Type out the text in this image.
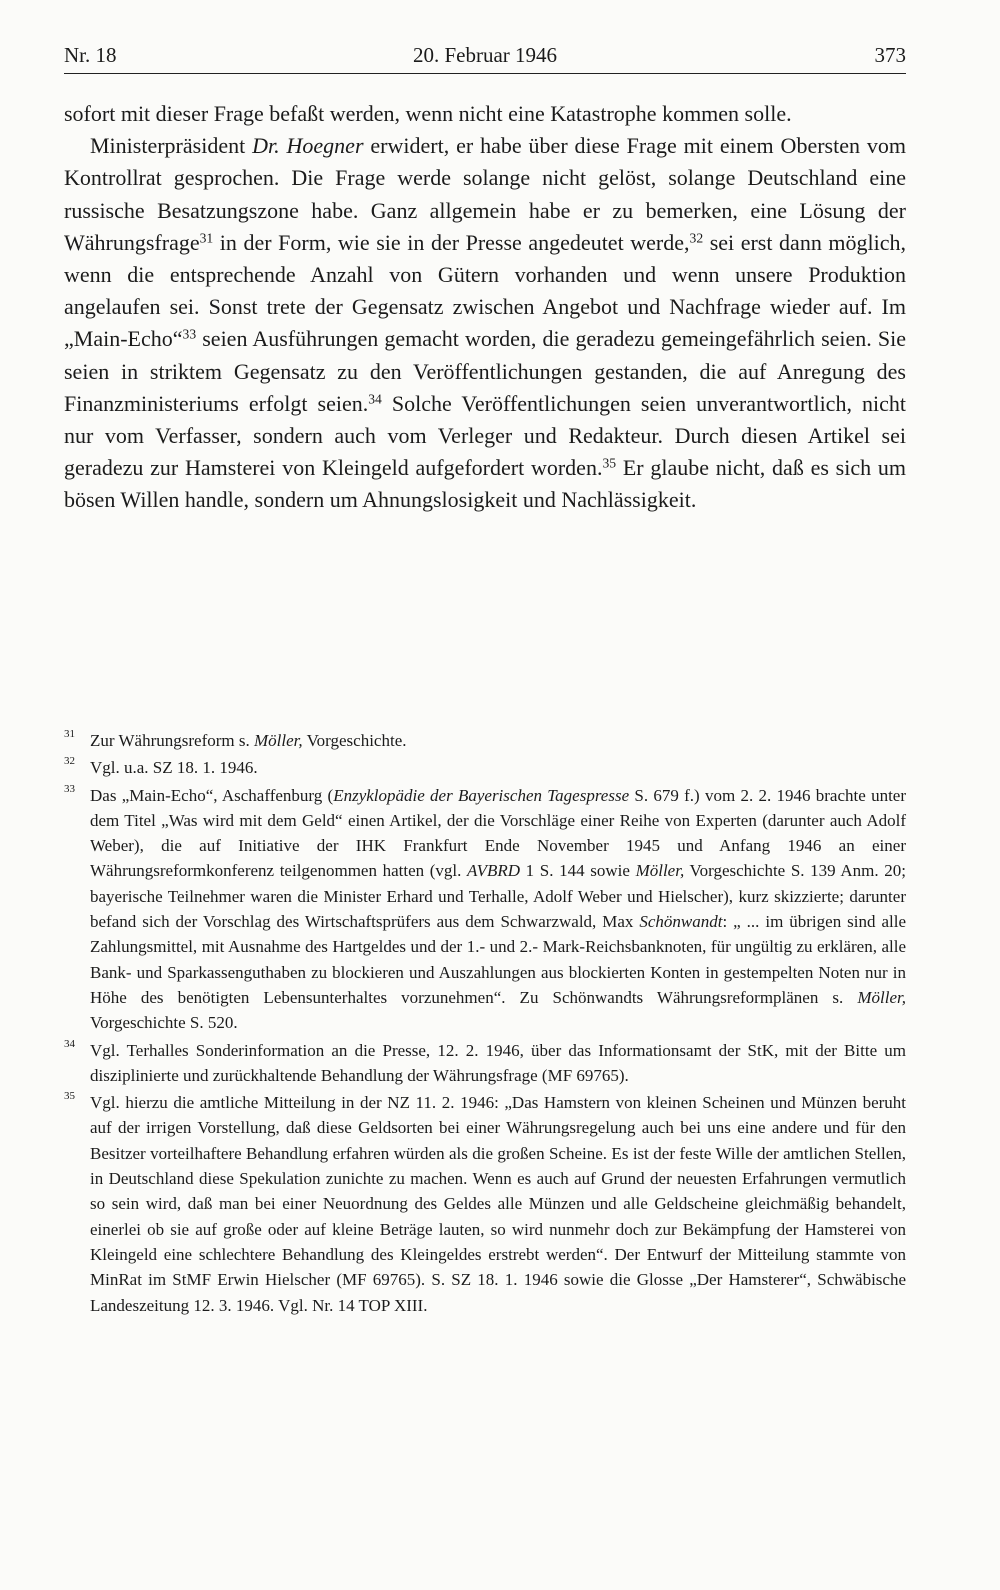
Nr. 18	20. Februar 1946	373

sofort mit dieser Frage befaßt werden, wenn nicht eine Katastrophe kommen solle.

Ministerpräsident Dr. Hoegner erwidert, er habe über diese Frage mit einem Obersten vom Kontrollrat gesprochen. Die Frage werde solange nicht gelöst, solange Deutschland eine russische Besatzungszone habe. Ganz allgemein habe er zu bemerken, eine Lösung der Währungsfrage$^{31}$ in der Form, wie sie in der Presse angedeutet werde,$^{32}$ sei erst dann möglich, wenn die entsprechende Anzahl von Gütern vorhanden und wenn unsere Produktion angelaufen sei. Sonst trete der Gegensatz zwischen Angebot und Nachfrage wieder auf. Im „Main-Echo“$^{33}$ seien Ausführungen gemacht worden, die geradezu gemeingefährlich seien. Sie seien in striktem Gegensatz zu den Veröffentlichungen gestanden, die auf Anregung des Finanzministeriums erfolgt seien.$^{34}$ Solche Veröffentlichungen seien unverantwortlich, nicht nur vom Verfasser, sondern auch vom Verleger und Redakteur. Durch diesen Artikel sei geradezu zur Hamsterei von Kleingeld aufgefordert worden.$^{35}$ Er glaube nicht, daß es sich um bösen Willen handle, sondern um Ahnungslosigkeit und Nachlässigkeit.

31 Zur Währungsreform s. Möller, Vorgeschichte.
32 Vgl. u.a. SZ 18. 1. 1946.
33 Das „Main-Echo“, Aschaffenburg (Enzyklopädie der Bayerischen Tagespresse S. 679 f.) vom 2. 2. 1946 brachte unter dem Titel „Was wird mit dem Geld“ einen Artikel, der die Vorschläge einer Reihe von Experten (darunter auch Adolf Weber), die auf Initiative der IHK Frankfurt Ende November 1945 und Anfang 1946 an einer Währungsreformkonferenz teilgenommen hatten (vgl. AVBRD 1 S. 144 sowie Möller, Vorgeschichte S. 139 Anm. 20; bayerische Teilnehmer waren die Minister Erhard und Terhalle, Adolf Weber und Hielscher), kurz skizzierte; darunter befand sich der Vorschlag des Wirtschaftsprüfers aus dem Schwarzwald, Max Schönwandt: „ ... im übrigen sind alle Zahlungsmittel, mit Ausnahme des Hartgeldes und der 1.- und 2.- Mark-Reichsbanknoten, für ungültig zu erklären, alle Bank- und Sparkassenguthaben zu blockieren und Auszahlungen aus blockierten Konten in gestempelten Noten nur in Höhe des benötigten Lebensunterhaltes vorzunehmen“. Zu Schönwandts Währungsreformplänen s. Möller, Vorgeschichte S. 520.
34 Vgl. Terhalles Sonderinformation an die Presse, 12. 2. 1946, über das Informationsamt der StK, mit der Bitte um disziplinierte und zurückhaltende Behandlung der Währungsfrage (MF 69765).
35 Vgl. hierzu die amtliche Mitteilung in der NZ 11. 2. 1946: „Das Hamstern von kleinen Scheinen und Münzen beruht auf der irrigen Vorstellung, daß diese Geldsorten bei einer Währungsregelung auch bei uns eine andere und für den Besitzer vorteilhaftere Behandlung erfahren würden als die großen Scheine. Es ist der feste Wille der amtlichen Stellen, in Deutschland diese Spekulation zunichte zu machen. Wenn es auch auf Grund der neuesten Erfahrungen vermutlich so sein wird, daß man bei einer Neuordnung des Geldes alle Münzen und alle Geldscheine gleichmäßig behandelt, einerlei ob sie auf große oder auf kleine Beträge lauten, so wird nunmehr doch zur Bekämpfung der Hamsterei von Kleingeld eine schlechtere Behandlung des Kleingeldes erstrebt werden“. Der Entwurf der Mitteilung stammte von MinRat im StMF Erwin Hielscher (MF 69765). S. SZ 18. 1. 1946 sowie die Glosse „Der Hamsterer“, Schwäbische Landeszeitung 12. 3. 1946. Vgl. Nr. 14 TOP XIII.
